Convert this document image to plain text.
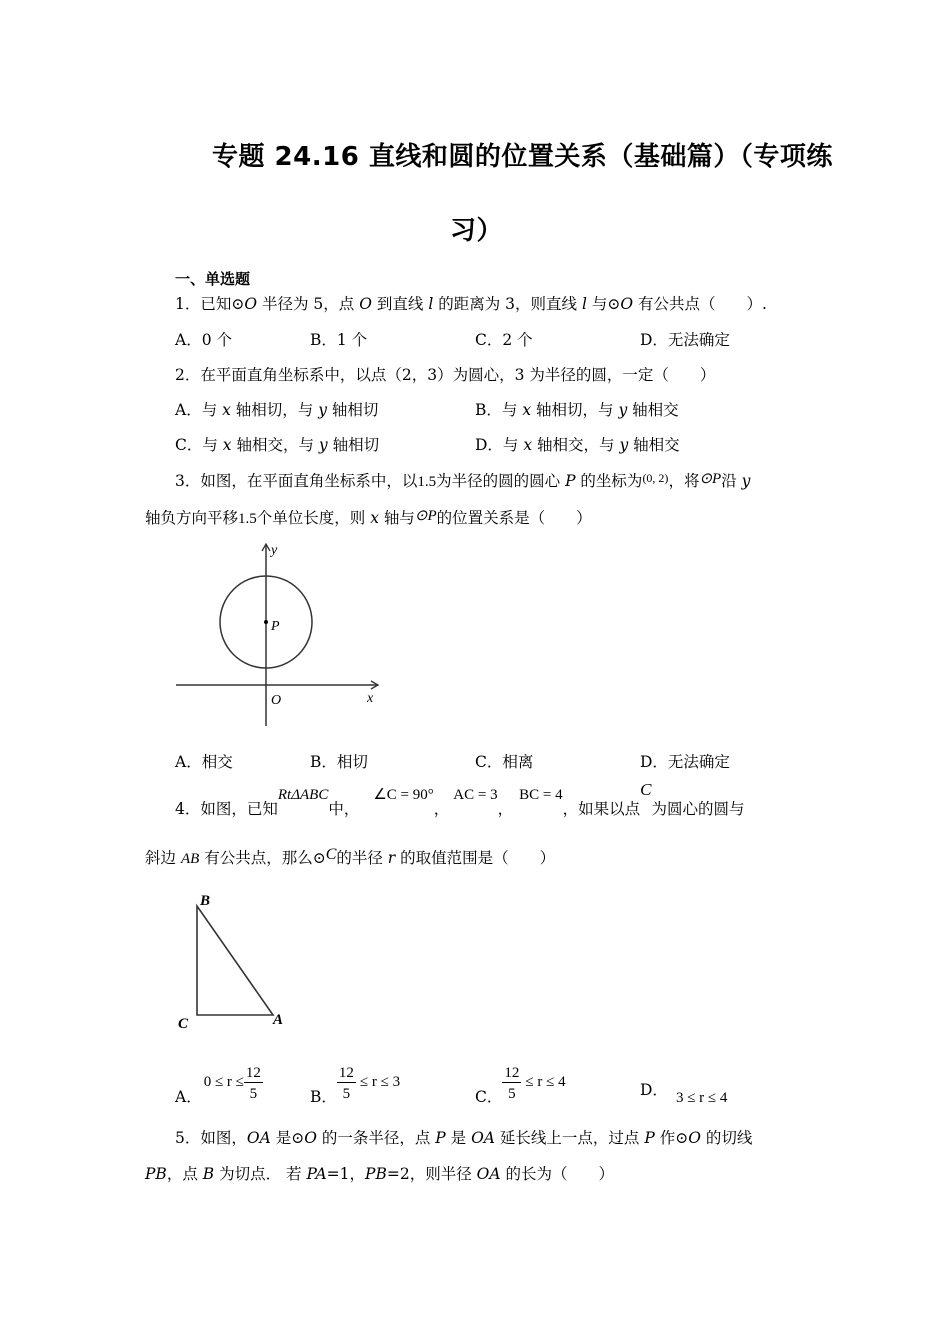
专题 24.16 直线和圆的位置关系（基础篇）（专项练
习）
一、单选题
1．已知⊙O 半径为 5，点 O 到直线 l 的距离为 3，则直线 l 与⊙O 有公共点（　　）.
A．0 个	B．1 个	C．2 个	D．无法确定
2．在平面直角坐标系中，以点（2，3）为圆心，3 为半径的圆，一定（　　）
A．与 x 轴相切，与 y 轴相切	B．与 x 轴相切，与 y 轴相交
C．与 x 轴相交，与 y 轴相切	D．与 x 轴相交，与 y 轴相交
3．如图，在平面直角坐标系中，以1.5为半径的圆的圆心 P 的坐标为$^{(0, 2)}$，将⊙P沿 y
轴负方向平移1.5个单位长度，则 x 轴与⊙P的位置关系是（　　）
y
x
O
P
A．相交	B．相切	C．相离	D．无法确定
4．如图，已知RtΔABC中，∠C = 90°，AC = 3，BC = 4，如果以点C为圆心的圆与
斜边 AB 有公共点，那么⊙C的半径 r 的取值范围是（　　）
B
C	A
A．$0 \le r \le \frac{12}{5}$	B． $\frac{12}{5} \le r \le 3$
C． $\frac{12}{5} \le r \le 4$	D． 3 ≤ r ≤ 4
5．如图，OA 是⊙O 的一条半径，点 P 是 OA 延长线上一点，过点 P 作⊙O 的切线
PB，点 B 为切点． 若 PA=1，PB=2，则半径 OA 的长为（　　）
